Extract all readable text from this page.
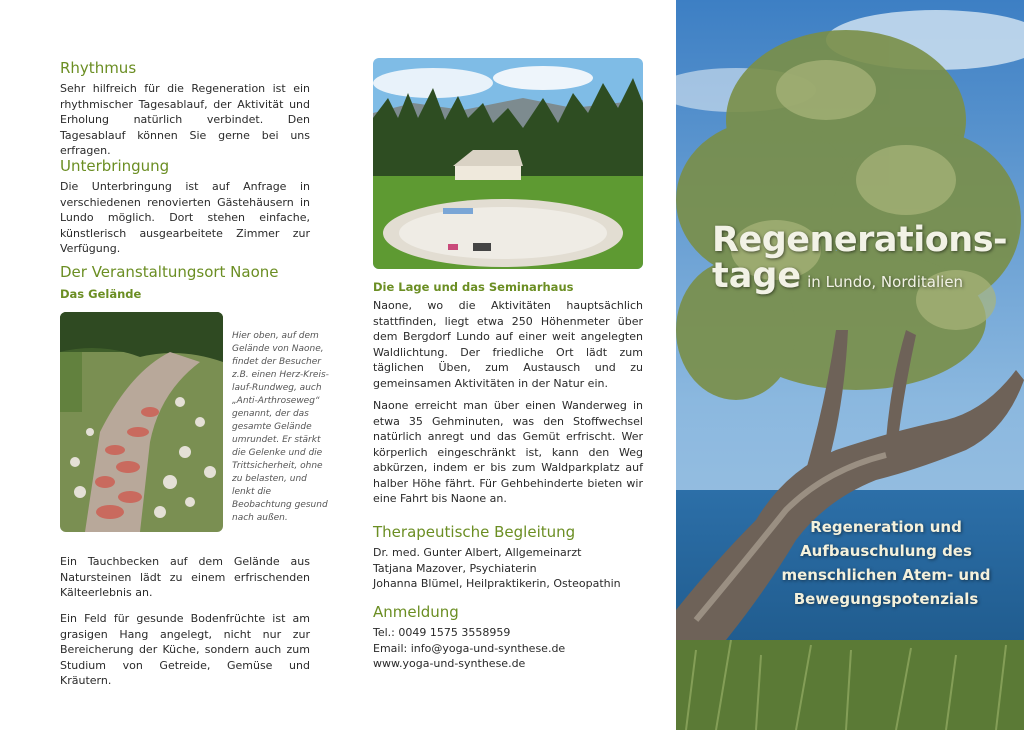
Rhythmus

Sehr hilfreich für die Regeneration ist ein rhythmischer Tagesablauf, der Aktivität und Erholung natürlich verbindet. Den Tagesablauf können Sie gerne bei uns erfragen.

Unterbringung

Die Unterbringung ist auf Anfrage in verschiedenen renovierten Gästehäusern in Lundo möglich. Dort stehen einfache, künstlerisch ausgearbeitete Zimmer zur Verfügung.

Der Veranstaltungsort Naone
Das Gelände
Hier oben, auf dem Gelände von Naone, findet der Besucher z.B. einen Herz-Kreis-lauf-Rundweg, auch „Anti-Arthroseweg“ genannt, der das gesamte Gelände umrundet. Er stärkt die Gelenke und die Trittsicherheit, ohne zu belasten, und lenkt die Beobachtung gesund nach außen.

Ein Tauchbecken auf dem Gelände aus Natursteinen lädt zu einem erfrischenden Kälteerlebnis an.

Ein Feld für gesunde Bodenfrüchte ist am grasigen Hang angelegt, nicht nur zur Bereicherung der Küche, sondern auch zum Studium von Getreide, Gemüse und Kräutern.

Die Lage und das Seminarhaus

Naone, wo die Aktivitäten hauptsächlich stattfinden, liegt etwa 250 Höhenmeter über dem Bergdorf Lundo auf einer weit angelegten Waldlichtung. Der friedliche Ort lädt zum täglichen Üben, zum Austausch und zu gemeinsamen Aktivitäten in der Natur ein.

Naone erreicht man über einen Wanderweg in etwa 35 Gehminuten, was den Stoffwechsel natürlich anregt und das Gemüt erfrischt. Wer körperlich eingeschränkt ist, kann den Weg abkürzen, indem er bis zum Waldparkplatz auf halber Höhe fährt. Für Gehbehinderte bieten wir eine Fahrt bis Naone an.

Therapeutische Begleitung
Dr. med. Gunter Albert, Allgemeinarzt
Tatjana Mazover, Psychiaterin
Johanna Blümel, Heilpraktikerin, Osteopathin
Anmeldung
Tel.: 0049 1575 3558959
Email: info@yoga-und-synthese.de
www.yoga-und-synthese.de
Regenerations-
tage in Lundo, Norditalien
Regeneration und Aufbauschulung des menschlichen Atem- und Bewegungspotenzials
